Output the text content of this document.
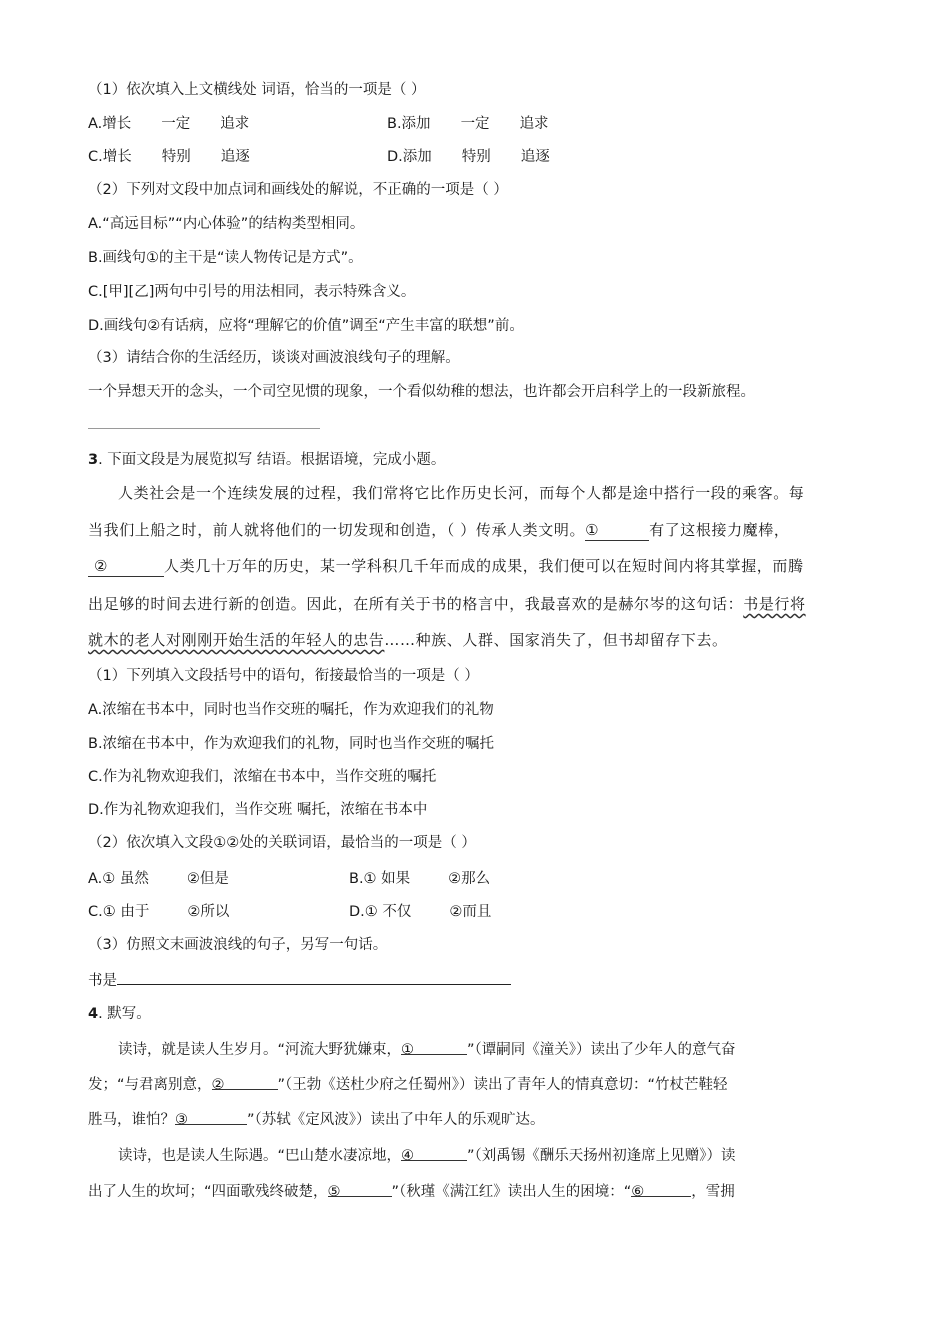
（1）依次填入上文横线处 词语，恰当的一项是（ ）
A.增长 一定 追求	B.添加 一定 追求
C.增长 特别 追逐	D.添加 特别 追逐
（2）下列对文段中加点词和画线处的解说，不正确的一项是（ ）
A.“高远目标”“内心体验”的结构类型相同。
B.画线句①的主干是“读人物传记是方式”。
C.[甲][乙]两句中引号的用法相同，表示特殊含义。
D.画线句②有话病，应将“理解它的价值”调至“产生丰富的联想”前。
（3）请结合你的生活经历，谈谈对画波浪线句子的理解。
一个异想天开的念头，一个司空见惯的现象，一个看似幼稚的想法，也许都会开启科学上的一段新旅程。
3. 下面文段是为展览拟写 结语。根据语境，完成小题。
人类社会是一个连续发展的过程，我们常将它比作历史长河，而每个人都是途中搭行一段的乘客。每
当我们上船之时，前人就将他们的一切发现和创造，（ ）传承人类文明。①	有了这根接力魔棒，
②	人类几十万年的历史，某一学科积几千年而成的成果，我们便可以在短时间内将其掌握，而腾
出足够的时间去进行新的创造。因此，在所有关于书的格言中，我最喜欢的是赫尔岑的这句话：书是行将
就木的老人对刚刚开始生活的年轻人的忠告……种族、人群、国家消失了，但书却留存下去。
（1）下列填入文段括号中的语句，衔接最恰当的一项是（ ）
A.浓缩在书本中，同时也当作交班的嘱托，作为欢迎我们的礼物
B.浓缩在书本中，作为欢迎我们的礼物，同时也当作交班的嘱托
C.作为礼物欢迎我们，浓缩在书本中，当作交班的嘱托
D.作为礼物欢迎我们，当作交班 嘱托，浓缩在书本中
（2）依次填入文段①②处的关联词语，最恰当的一项是（ ）
A.① 虽然	②但是	B.① 如果	②那么
C.① 由于	②所以	D.① 不仅	②而且
（3）仿照文末画波浪线的句子，另写一句话。
书是
4. 默写。
读诗，就是读人生岁月。“河流大野犹嫌束，①	”（谭嗣同《潼关》）读出了少年人的意气奋
发；“与君离别意，②	”（王勃《送杜少府之任蜀州》）读出了青年人的情真意切：“竹杖芒鞋轻
胜马，谁怕？③	”（苏轼《定风波》）读出了中年人的乐观旷达。
读诗，也是读人生际遇。“巴山楚水凄凉地，④	”（刘禹锡《酬乐天扬州初逢席上见赠》）读
出了人生的坎坷；“四面歌残终破楚，⑤	”（秋瑾《满江红》读出人生的困境：“⑥	，雪拥
